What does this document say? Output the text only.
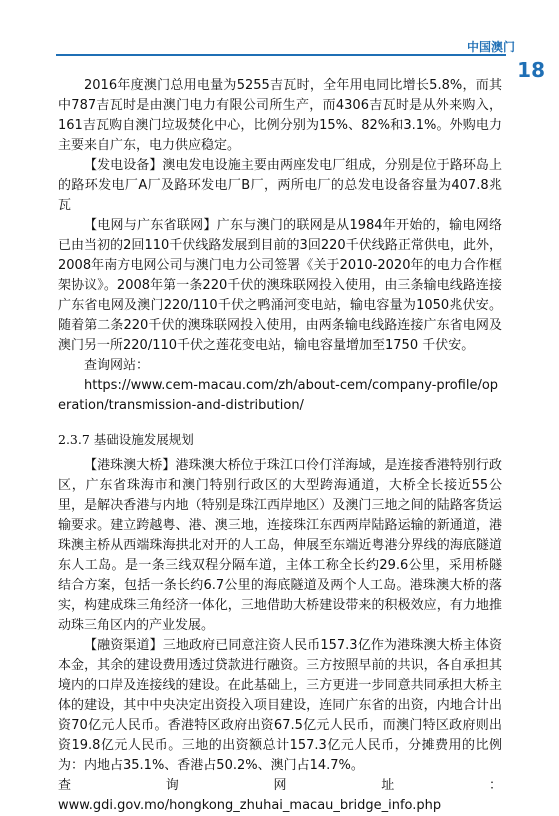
中国澳门
18

2016年度澳门总用电量为5255吉瓦时，全年用电同比增长5.8%，而其中787吉瓦时是由澳门电力有限公司所生产，而4306吉瓦时是从外来购入，161吉瓦购自澳门垃圾焚化中心，比例分别为15%、82%和3.1%。外购电力主要来自广东，电力供应稳定。

【发电设备】澳电发电设施主要由两座发电厂组成，分别是位于路环岛上的路环发电厂A厂及路环发电厂B厂，两所电厂的总发电设备容量为407.8兆瓦

【电网与广东省联网】广东与澳门的联网是从1984年开始的，输电网络已由当初的2回110千伏线路发展到目前的3回220千伏线路正常供电，此外，2008年南方电网公司与澳门电力公司签署《关于2010-2020年的电力合作框架协议》。2008年第一条220千伏的澳珠联网投入使用，由三条输电线路连接广东省电网及澳门220/110千伏之鸭涌河变电站，输电容量为1050兆伏安。随着第二条220千伏的澳珠联网投入使用，由两条输电线路连接广东省电网及澳门另一所220/110千伏之莲花变电站，输电容量增加至1750 千伏安。

查询网站：

https://www.cem-macau.com/zh/about-cem/company-profile/operation/transmission-and-distribution/

2.3.7 基础设施发展规划

【港珠澳大桥】港珠澳大桥位于珠江口伶仃洋海域，是连接香港特别行政区，广东省珠海市和澳门特别行政区的大型跨海通道，大桥全长接近55公里，是解决香港与内地（特别是珠江西岸地区）及澳门三地之间的陆路客货运输要求。建立跨越粤、港、澳三地，连接珠江东西两岸陆路运输的新通道，港珠澳主桥从西端珠海拱北对开的人工岛，伸展至东端近粤港分界线的海底隧道东人工岛。是一条三线双程分隔车道，主体工称全长约29.6公里，采用桥隧结合方案，包括一条长约6.7公里的海底隧道及两个人工岛。港珠澳大桥的落实，构建成珠三角经济一体化，三地借助大桥建设带来的积极效应，有力地推动珠三角区内的产业发展。

【融资渠道】三地政府已同意注资人民币157.3亿作为港珠澳大桥主体资本金，其余的建设费用透过贷款进行融资。三方按照早前的共识，各自承担其境内的口岸及连接线的建设。在此基础上，三方更进一步同意共同承担大桥主体的建设，其中中央决定出资投入项目建设，连同广东省的出资，内地合计出资70亿元人民币。香港特区政府出资67.5亿元人民币，而澳门特区政府则出资19.8亿元人民币。三地的出资额总计157.3亿元人民币，分摊费用的比例为：内地占35.1%、香港占50.2%、澳门占14.7%。

查询网址：www.gdi.gov.mo/hongkong_zhuhai_macau_bridge_info.php
